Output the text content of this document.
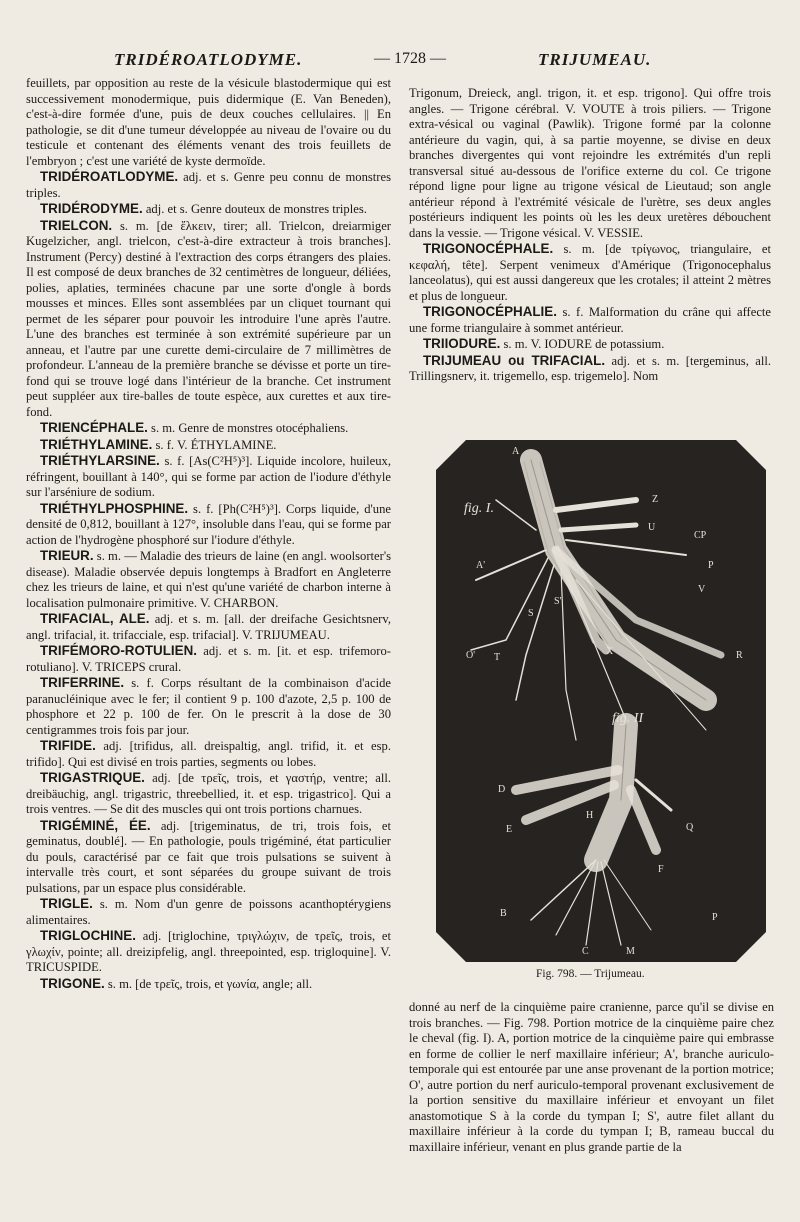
TRIDÉROATLODYME.	— 1728 —	TRIJUMEAU.

feuillets, par opposition au reste de la vésicule blastodermique qui est successivement monodermique, puis didermique (E. Van Beneden), c'est-à-dire formée d'une, puis de deux couches cellulaires. || En pathologie, se dit d'une tumeur développée au niveau de l'ovaire ou du testicule et contenant des éléments venant des trois feuillets de l'embryon ; c'est une variété de kyste dermoïde.

TRIDÉROATLODYME. adj. et s. Genre peu connu de monstres triples.

TRIDÉRODYME. adj. et s. Genre douteux de monstres triples.

TRIELCON. s. m. [de ἕλκειν, tirer; all. Trielcon, dreiarmiger Kugelzicher, angl. trielcon, c'est-à-dire extracteur à trois branches]. Instrument (Percy) destiné à l'extraction des corps étrangers des plaies. Il est composé de deux branches de 32 centimètres de longueur, déliées, polies, aplaties, terminées chacune par une sorte d'ongle à bords mousses et minces. Elles sont assemblées par un cliquet tournant qui permet de les séparer pour pouvoir les introduire l'une après l'autre. L'une des branches est terminée à son extrémité supérieure par un anneau, et l'autre par une curette demi-circulaire de 7 millimètres de profondeur. L'anneau de la première branche se dévisse et porte un tire-fond qui se trouve logé dans l'intérieur de la branche. Cet instrument peut suppléer aux tire-balles de toute espèce, aux curettes et aux tire-fond.

TRIENCÉPHALE. s. m. Genre de monstres otocéphaliens.

TRIÉTHYLAMINE. s. f. V. ÉTHYLAMINE.

TRIÉTHYLARSINE. s. f. [As(C²H⁵)³]. Liquide incolore, huileux, réfringent, bouillant à 140°, qui se forme par action de l'iodure d'éthyle sur l'arséniure de sodium.

TRIÉTHYLPHOSPHINE. s. f. [Ph(C²H⁵)³]. Corps liquide, d'une densité de 0,812, bouillant à 127°, insoluble dans l'eau, qui se forme par action de l'hydrogène phosphoré sur l'iodure d'éthyle.

TRIEUR. s. m. — Maladie des trieurs de laine (en angl. woolsorter's disease). Maladie observée depuis longtemps à Bradfort en Angleterre chez les trieurs de laine, et qui n'est qu'une variété de charbon interne à localisation pulmonaire primitive. V. CHARBON.

TRIFACIAL, ALE. adj. et s. m. [all. der dreifache Gesichtsnerv, angl. trifacial, it. trifacciale, esp. trifacial]. V. TRIJUMEAU.

TRIFÉMORO-ROTULIEN. adj. et s. m. [it. et esp. trifemoro-rotuliano]. V. TRICEPS crural.

TRIFERRINE. s. f. Corps résultant de la combinaison d'acide paranucléinique avec le fer; il contient 9 p. 100 d'azote, 2,5 p. 100 de phosphore et 22 p. 100 de fer. On le prescrit à la dose de 30 centigrammes trois fois par jour.

TRIFIDE. adj. [trifidus, all. dreispaltig, angl. trifid, it. et esp. trifido]. Qui est divisé en trois parties, segments ou lobes.

TRIGASTRIQUE. adj. [de τρεῖς, trois, et γαστήρ, ventre; all. dreibäuchig, angl. trigastric, threebellied, it. et esp. trigastrico]. Qui a trois ventres. — Se dit des muscles qui ont trois portions charnues.

TRIGÉMINÉ, ÉE. adj. [trigeminatus, de tri, trois fois, et geminatus, doublé]. — En pathologie, pouls trigéminé, état particulier du pouls, caractérisé par ce fait que trois pulsations se suivent à intervalle très court, et sont séparées du groupe suivant de trois pulsations, par un espace plus considérable.

TRIGLE. s. m. Nom d'un genre de poissons acanthoptérygiens alimentaires.

TRIGLOCHINE. adj. [triglochine, τριγλώχιν, de τρεῖς, trois, et γλωχίν, pointe; all. dreizipfelig, angl. threepointed, esp. trigloquine]. V. TRICUSPIDE.

TRIGONE. s. m. [de τρεῖς, trois, et γωνία, angle; all.

Trigonum, Dreieck, angl. trigon, it. et esp. trigono]. Qui offre trois angles. — Trigone cérébral. V. VOUTE à trois piliers. — Trigone extra-vésical ou vaginal (Pawlik). Trigone formé par la colonne antérieure du vagin, qui, à sa partie moyenne, se divise en deux branches divergentes qui vont rejoindre les extrémités d'un repli transversal situé au-dessous de l'orifice externe du col. Ce trigone répond ligne pour ligne au trigone vésical de Lieutaud; son angle antérieur répond à l'extrémité vésicale de l'urètre, ses deux angles postérieurs indiquent les points où les les deux uretères débouchent dans la vessie. — Trigone vésical. V. VESSIE.

TRIGONOCÉPHALE. s. m. [de τρίγωνος, triangulaire, et κεφαλή, tête]. Serpent venimeux d'Amérique (Trigonocephalus lanceolatus), qui est aussi dangereux que les crotales; il atteint 2 mètres et plus de longueur.

TRIGONOCÉPHALIE. s. f. Malformation du crâne qui affecte une forme triangulaire à sommet antérieur.

TRIIODURE. s. m. V. IODURE de potassium.

TRIJUMEAU ou TRIFACIAL. adj. et s. m. [tergeminus, all. Trillingsnerv, it. trigemello, esp. trigemelo]. Nom

fig. I.
fig. II
A
Z
U
CP
P
V
A'
S
S'
O' T
X	R
D
H
Q
F
E
B
C	M
P
Fig. 798. — Trijumeau.

donné au nerf de la cinquième paire cranienne, parce qu'il se divise en trois branches. — Fig. 798. Portion motrice de la cinquième paire chez le cheval (fig. I). A, portion motrice de la cinquième paire qui embrasse en forme de collier le nerf maxillaire inférieur; A', branche auriculo-temporale qui est entourée par une anse provenant de la portion motrice; O', autre portion du nerf auriculo-temporal provenant exclusivement de la portion sensitive du maxillaire inférieur et envoyant un filet anastomotique S à la corde du tympan I; S', autre filet allant du maxillaire inférieur à la corde du tympan I; B, rameau buccal du maxillaire inférieur, venant en plus grande partie de la
